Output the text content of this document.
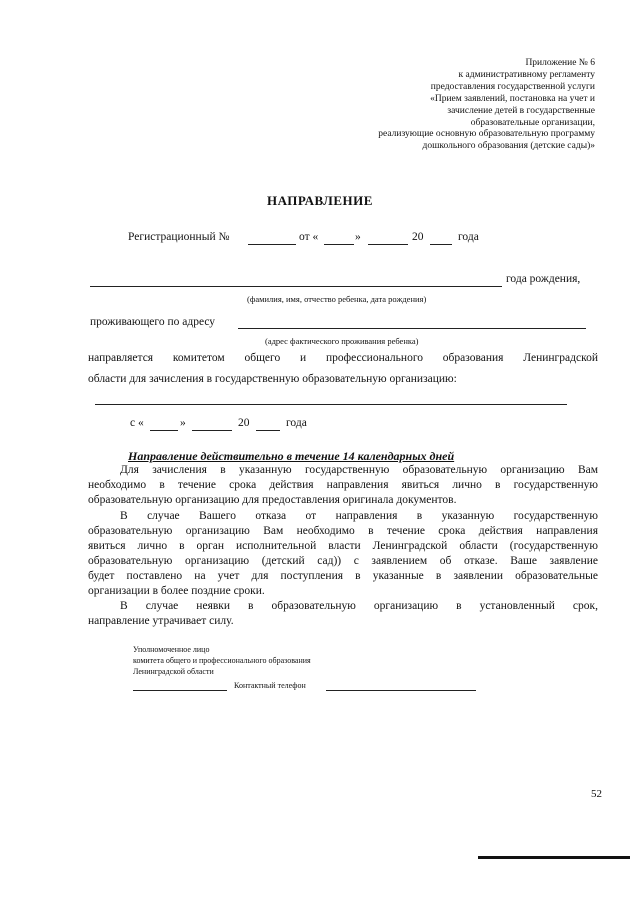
Приложение № 6
к административному регламенту
предоставления государственной услуги
«Прием заявлений, постановка на учет и
зачисление детей в государственные
образовательные организации,
реализующие основную образовательную программу
дошкольного образования (детские сады)»
НАПРАВЛЕНИЕ
Регистрационный №	от «	»	20	года
года рождения,
(фамилия, имя, отчество ребенка, дата рождения)
проживающего по адресу
(адрес фактического проживания ребенка)
направляется комитетом общего и профессионального образования Ленинградской
области для зачисления в государственную образовательную организацию:
с «	»	20	года
Направление действительно в течение 14 календарных дней
Для зачисления в указанную государственную образовательную организацию Вам
необходимо в течение срока действия направления явиться лично в государственную
образовательную организацию для предоставления оригинала документов.
В случае Вашего отказа от направления в указанную государственную
образовательную организацию Вам необходимо в течение срока действия направления
явиться лично в орган исполнительной власти Ленинградской области (государственную
образовательную организацию (детский сад)) с заявлением об отказе. Ваше заявление
будет поставлено на учет для поступления в указанные в заявлении образовательные
организации в более поздние сроки.
В случае неявки в образовательную организацию в установленный срок,
направление утрачивает силу.
Уполномоченное лицо
комитета общего и профессионального образования
Ленинградской области
Контактный телефон
52
